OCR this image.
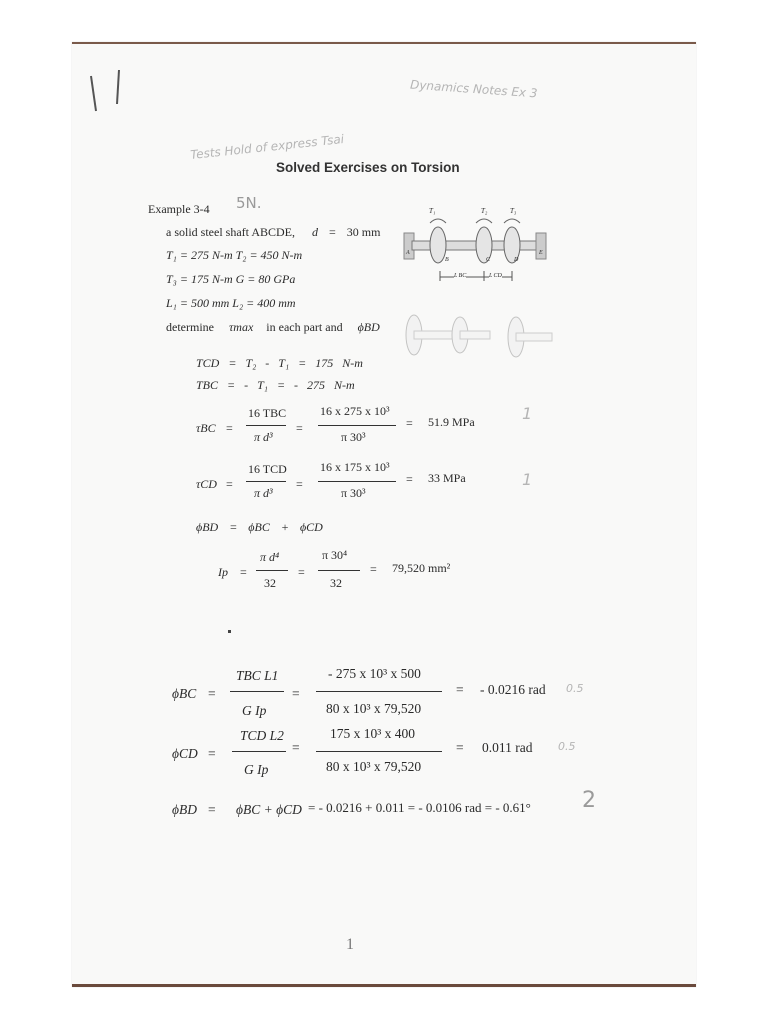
Dynamics Notes Ex 3
Tests Hold of express Tsai
Solved Exercises on Torsion
Example 3-4 5N.
a solid steel shaft ABCDE, d = 30 mm
T₁ = 275 N-m T₂ = 450 N-m
T₃ = 175 N-m G = 80 GPa
L₁ = 500 mm L₂ = 400 mm
determine τmax in each part and ϕBD
T₁	T₂	T₃
A
B	C	D
E
L BC	L CD
TCD = T₂ - T₁ = 175 N-m
TBC = - T₁ = - 275 N-m
τBC =
16 TBC
π d³
=
16 x 275 x 10³
π 30³
= 51.9 MPa	1
τCD =
16 TCD
π d³
=
16 x 175 x 10³
π 30³
= 33 MPa	1
ϕBD = ϕBC + ϕCD
Ip =
π d⁴
32
=
π 30⁴
32
= 79,520 mm²
ϕBC =
TBC L1
G Ip
=
- 275 x 10³ x 500
80 x 10³ x 79,520
= - 0.0216 rad 0.5
ϕCD =
TCD L2
G Ip
=
175 x 10³ x 400
80 x 10³ x 79,520
= 0.011 rad 0.5
ϕBD = ϕBC + ϕCD = - 0.0216 + 0.011 = - 0.0106 rad = - 0.61° 2
1
